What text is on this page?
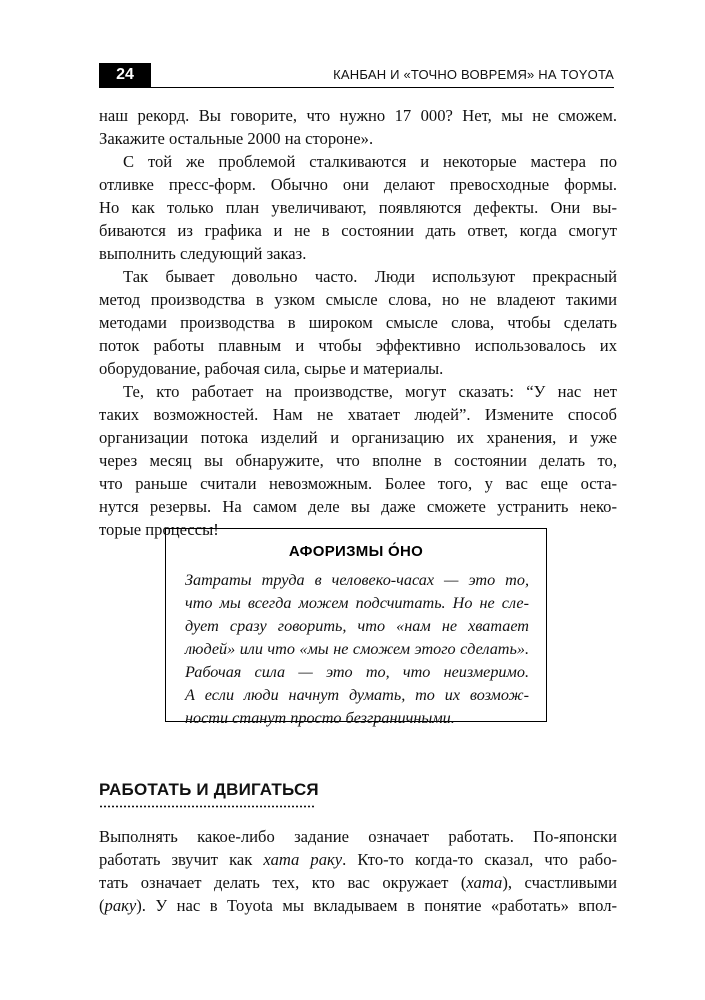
24	КАНБАН И «ТОЧНО ВОВРЕМЯ» НА TOYOTA

наш рекорд. Вы говорите, что нужно 17 000? Нет, мы не сможем.
Закажите остальные 2000 на стороне».

С той же проблемой сталкиваются и некоторые мастера по
отливке пресс-форм. Обычно они делают превосходные формы.
Но как только план увеличивают, появляются дефекты. Они вы-
биваются из графика и не в состоянии дать ответ, когда смогут
выполнить следующий заказ.

Так бывает довольно часто. Люди используют прекрасный
метод производства в узком смысле слова, но не владеют такими
методами производства в широком смысле слова, чтобы сделать
поток работы плавным и чтобы эффективно использовалось их
оборудование, рабочая сила, сырье и материалы.

Те, кто работает на производстве, могут сказать: “У нас нет
таких возможностей. Нам не хватает людей”. Измените способ
организации потока изделий и организацию их хранения, и уже
через месяц вы обнаружите, что вполне в состоянии делать то,
что раньше считали невозможным. Более того, у вас еще оста-
нутся резервы. На самом деле вы даже сможете устранить неко-
торые процессы!

АФОРИЗМЫ О́НО
Затраты труда в человеко-часах — это то,
что мы всегда можем подсчитать. Но не сле-
дует сразу говорить, что «нам не хватает
людей» или что «мы не сможем этого сделать».
Рабочая сила — это то, что неизмеримо.
А если люди начнут думать, то их возмож-
ности станут просто безграничными.
РАБОТАТЬ И ДВИГАТЬСЯ

Выполнять какое-либо задание означает работать. По-японски
работать звучит как хата раку. Кто-то когда-то сказал, что рабо-
тать означает делать тех, кто вас окружает (хата), счастливыми
(раку). У нас в Toyota мы вкладываем в понятие «работать» впол-
